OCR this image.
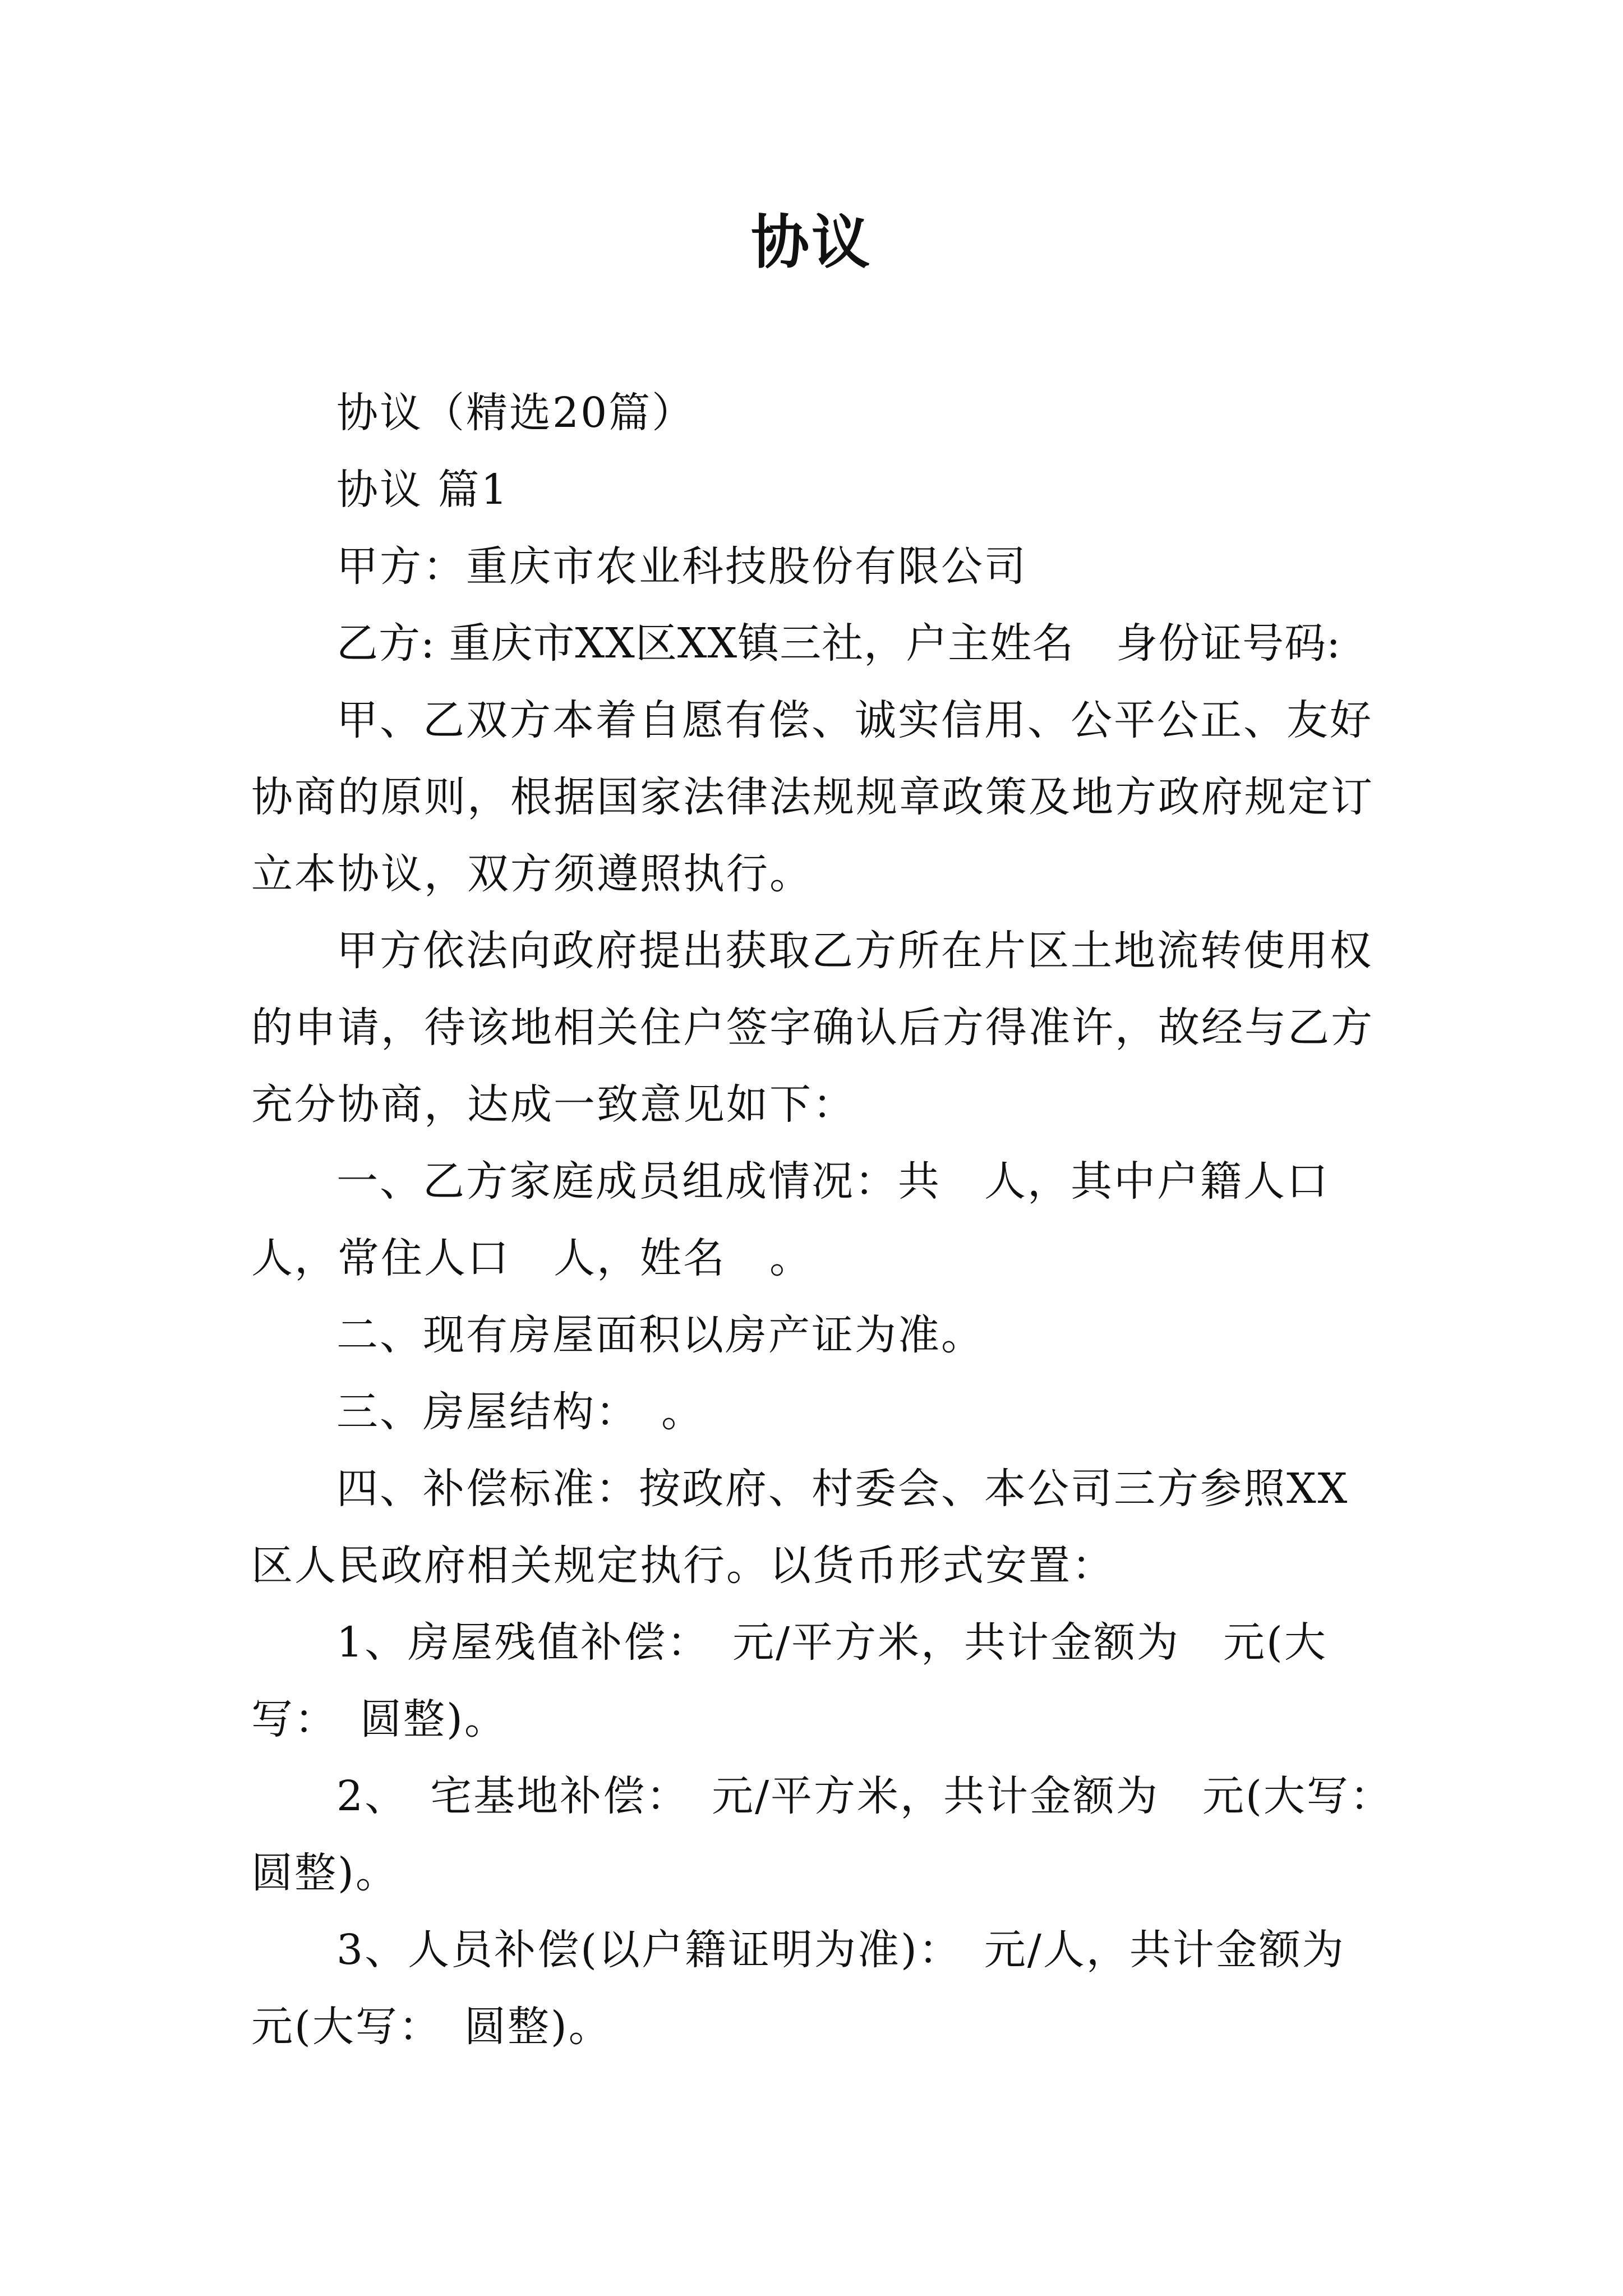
协议

协议（精选20篇）

协议 篇1

甲方：重庆市农业科技股份有限公司

乙方: 重庆市XX区XX镇三社，户主姓名　身份证号码:

甲、乙双方本着自愿有偿、诚实信用、公平公正、友好协商的原则，根据国家法律法规规章政策及地方政府规定订立本协议，双方须遵照执行。

甲方依法向政府提出获取乙方所在片区土地流转使用权的申请，待该地相关住户签字确认后方得准许，故经与乙方充分协商，达成一致意见如下：

一、乙方家庭成员组成情况：共　人，其中户籍人口　人，常住人口　人，姓名　。

二、现有房屋面积以房产证为准。

三、房屋结构：　。

四、补偿标准：按政府、村委会、本公司三方参照XX区人民政府相关规定执行。以货币形式安置：

1、房屋残值补偿：　元/平方米，共计金额为　元(大写：　圆整)。

2、　宅基地补偿：　元/平方米，共计金额为　元(大写：　圆整)。

3、人员补偿(以户籍证明为准)：　元/人，共计金额为　元(大写：　圆整)。
